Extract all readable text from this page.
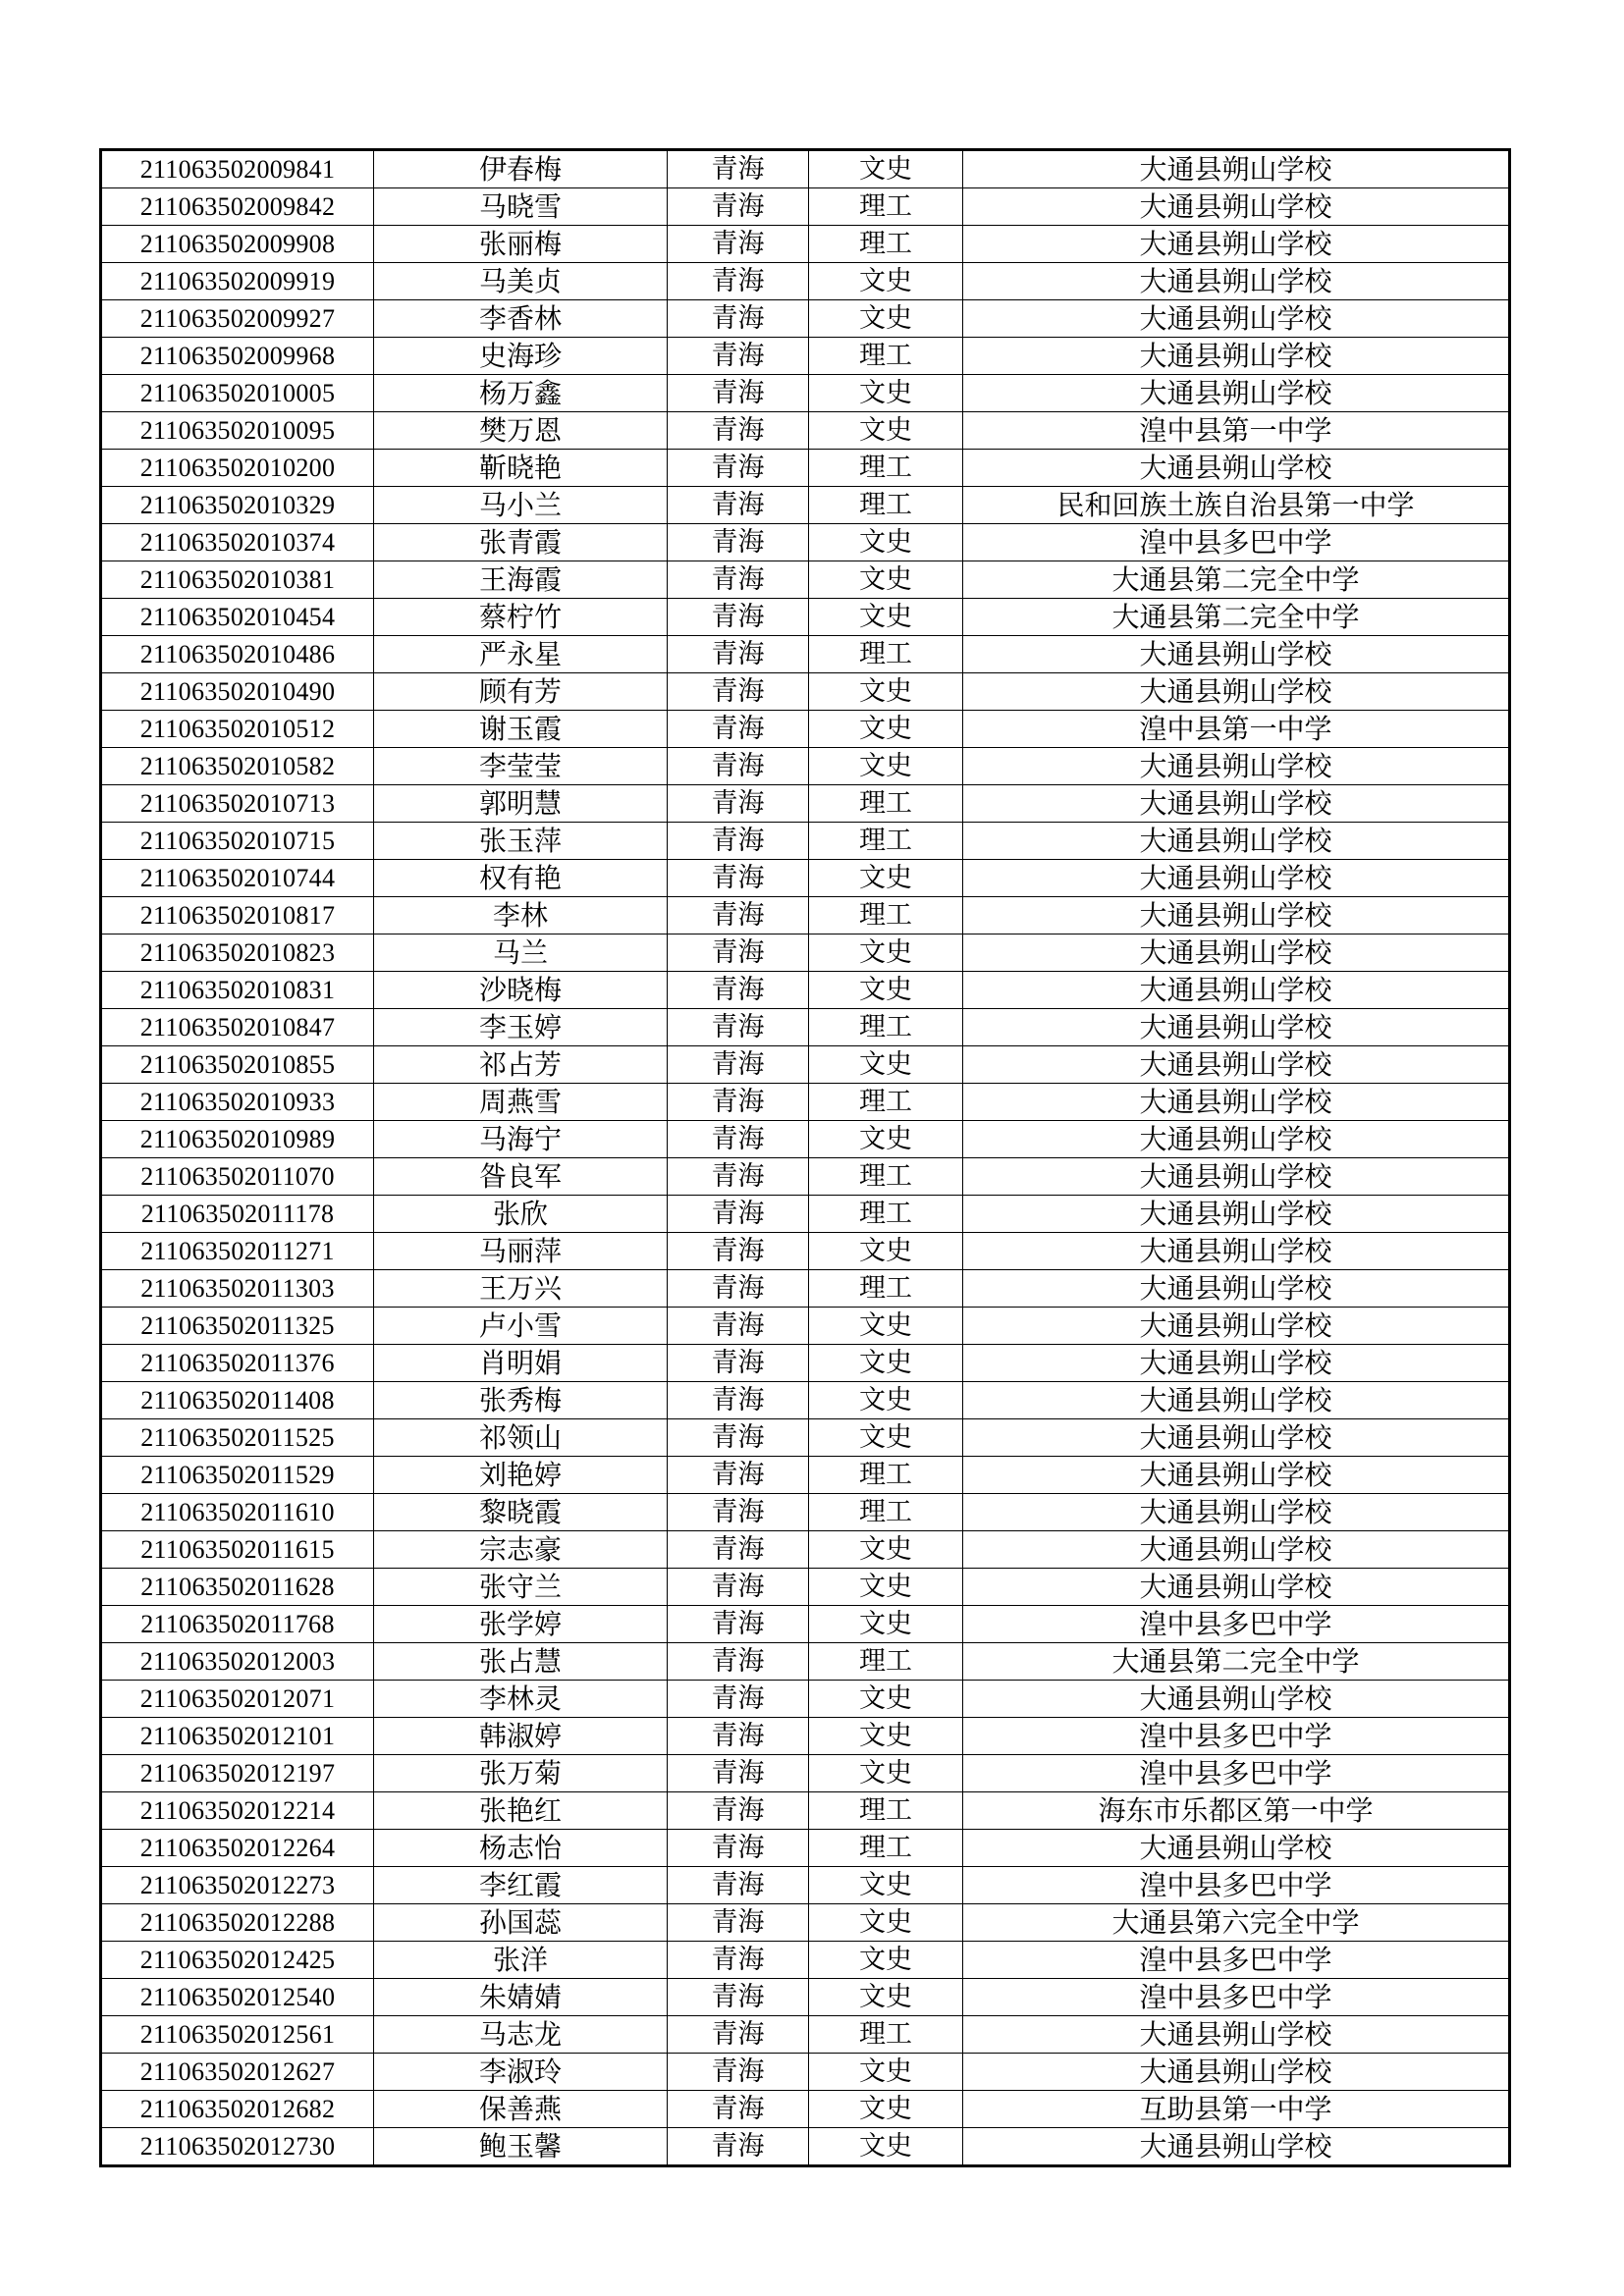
211063502009841	伊春梅	青海	文史	大通县朔山学校
211063502009842	马晓雪	青海	理工	大通县朔山学校
211063502009908	张丽梅	青海	理工	大通县朔山学校
211063502009919	马美贞	青海	文史	大通县朔山学校
211063502009927	李香林	青海	文史	大通县朔山学校
211063502009968	史海珍	青海	理工	大通县朔山学校
211063502010005	杨万鑫	青海	文史	大通县朔山学校
211063502010095	樊万恩	青海	文史	湟中县第一中学
211063502010200	靳晓艳	青海	理工	大通县朔山学校
211063502010329	马小兰	青海	理工	民和回族土族自治县第一中学
211063502010374	张青霞	青海	文史	湟中县多巴中学
211063502010381	王海霞	青海	文史	大通县第二完全中学
211063502010454	蔡柠竹	青海	文史	大通县第二完全中学
211063502010486	严永星	青海	理工	大通县朔山学校
211063502010490	顾有芳	青海	文史	大通县朔山学校
211063502010512	谢玉霞	青海	文史	湟中县第一中学
211063502010582	李莹莹	青海	文史	大通县朔山学校
211063502010713	郭明慧	青海	理工	大通县朔山学校
211063502010715	张玉萍	青海	理工	大通县朔山学校
211063502010744	权有艳	青海	文史	大通县朔山学校
211063502010817	李林	青海	理工	大通县朔山学校
211063502010823	马兰	青海	文史	大通县朔山学校
211063502010831	沙晓梅	青海	文史	大通县朔山学校
211063502010847	李玉婷	青海	理工	大通县朔山学校
211063502010855	祁占芳	青海	文史	大通县朔山学校
211063502010933	周燕雪	青海	理工	大通县朔山学校
211063502010989	马海宁	青海	文史	大通县朔山学校
211063502011070	昝良军	青海	理工	大通县朔山学校
211063502011178	张欣	青海	理工	大通县朔山学校
211063502011271	马丽萍	青海	文史	大通县朔山学校
211063502011303	王万兴	青海	理工	大通县朔山学校
211063502011325	卢小雪	青海	文史	大通县朔山学校
211063502011376	肖明娟	青海	文史	大通县朔山学校
211063502011408	张秀梅	青海	文史	大通县朔山学校
211063502011525	祁领山	青海	文史	大通县朔山学校
211063502011529	刘艳婷	青海	理工	大通县朔山学校
211063502011610	黎晓霞	青海	理工	大通县朔山学校
211063502011615	宗志豪	青海	文史	大通县朔山学校
211063502011628	张守兰	青海	文史	大通县朔山学校
211063502011768	张学婷	青海	文史	湟中县多巴中学
211063502012003	张占慧	青海	理工	大通县第二完全中学
211063502012071	李林灵	青海	文史	大通县朔山学校
211063502012101	韩淑婷	青海	文史	湟中县多巴中学
211063502012197	张万菊	青海	文史	湟中县多巴中学
211063502012214	张艳红	青海	理工	海东市乐都区第一中学
211063502012264	杨志怡	青海	理工	大通县朔山学校
211063502012273	李红霞	青海	文史	湟中县多巴中学
211063502012288	孙国蕊	青海	文史	大通县第六完全中学
211063502012425	张洋	青海	文史	湟中县多巴中学
211063502012540	朱婧婧	青海	文史	湟中县多巴中学
211063502012561	马志龙	青海	理工	大通县朔山学校
211063502012627	李淑玲	青海	文史	大通县朔山学校
211063502012682	保善燕	青海	文史	互助县第一中学
211063502012730	鲍玉馨	青海	文史	大通县朔山学校
